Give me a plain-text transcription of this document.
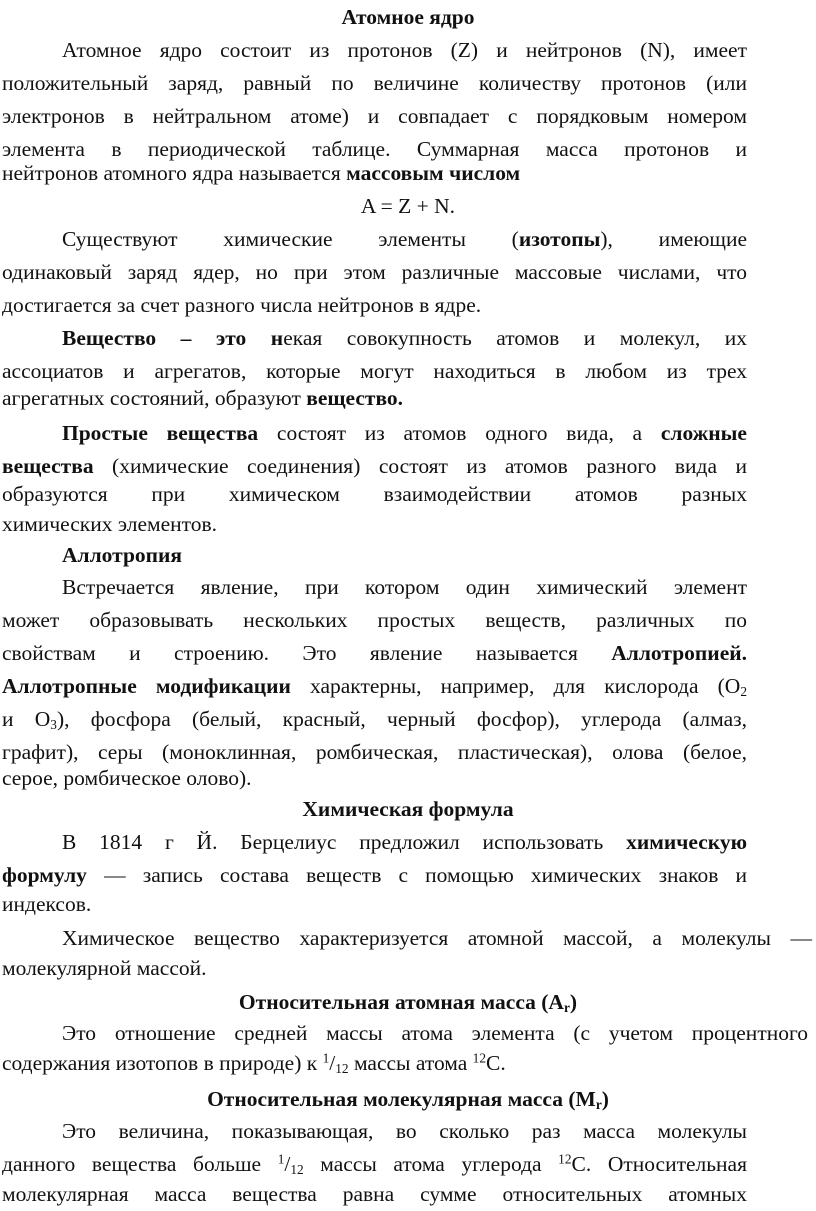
Атомное ядро
Атомное ядро состоит из протонов (Z) и нейтронов (N), имеет
положительный заряд, равный по величине количеству протонов (или
электронов в нейтральном атоме) и совпадает с порядковым номером
элемента в периодической таблице. Суммарная масса протонов и
нейтронов атомного ядра называется массовым числом
A = Z + N.
Существуют химические элементы (изотопы), имеющие
одинаковый заряд ядер, но при этом различные массовые числами, что
достигается за счет разного числа нейтронов в ядре.
Вещество – это некая совокупность атомов и молекул, их
ассоциатов и агрегатов, которые могут находиться в любом из трех
агрегатных состояний, образуют вещество.
Простые вещества состоят из атомов одного вида, а сложные
вещества (химические соединения) состоят из атомов разного вида и
образуются при химическом взаимодействии атомов разных
химических элементов.
Аллотропия
Встречается явление, при котором один химический элемент
может образовывать нескольких простых веществ, различных по
свойствам и строению. Это явление называется Аллотропией.
Аллотропные модификации характерны, например, для кислорода ($O_2$
и $O_3$), фосфора (белый, красный, черный фосфор), углерода (алмаз,
графит), серы (моноклинная, ромбическая, пластическая), олова (белое,
серое, ромбическое олово).
Химическая формула
В 1814 г Й. Берцелиус предложил использовать химическую
формулу — запись состава веществ с помощью химических знаков и
индексов.
Химическое вещество характеризуется атомной массой, а молекулы —
молекулярной массой.
Относительная атомная масса $(A_r)$
Это отношение средней массы атома элемента (с учетом процентного
содержания изотопов в природе) к $^1/_{12}$ массы атома $^{12}$C.
Относительная молекулярная масса $(M_r)$
Это величина, показывающая, во сколько раз масса молекулы
данного вещества больше $^1/_{12}$ массы атома углерода $^{12}$C. Относительная
молекулярная масса вещества равна сумме относительных атомных
